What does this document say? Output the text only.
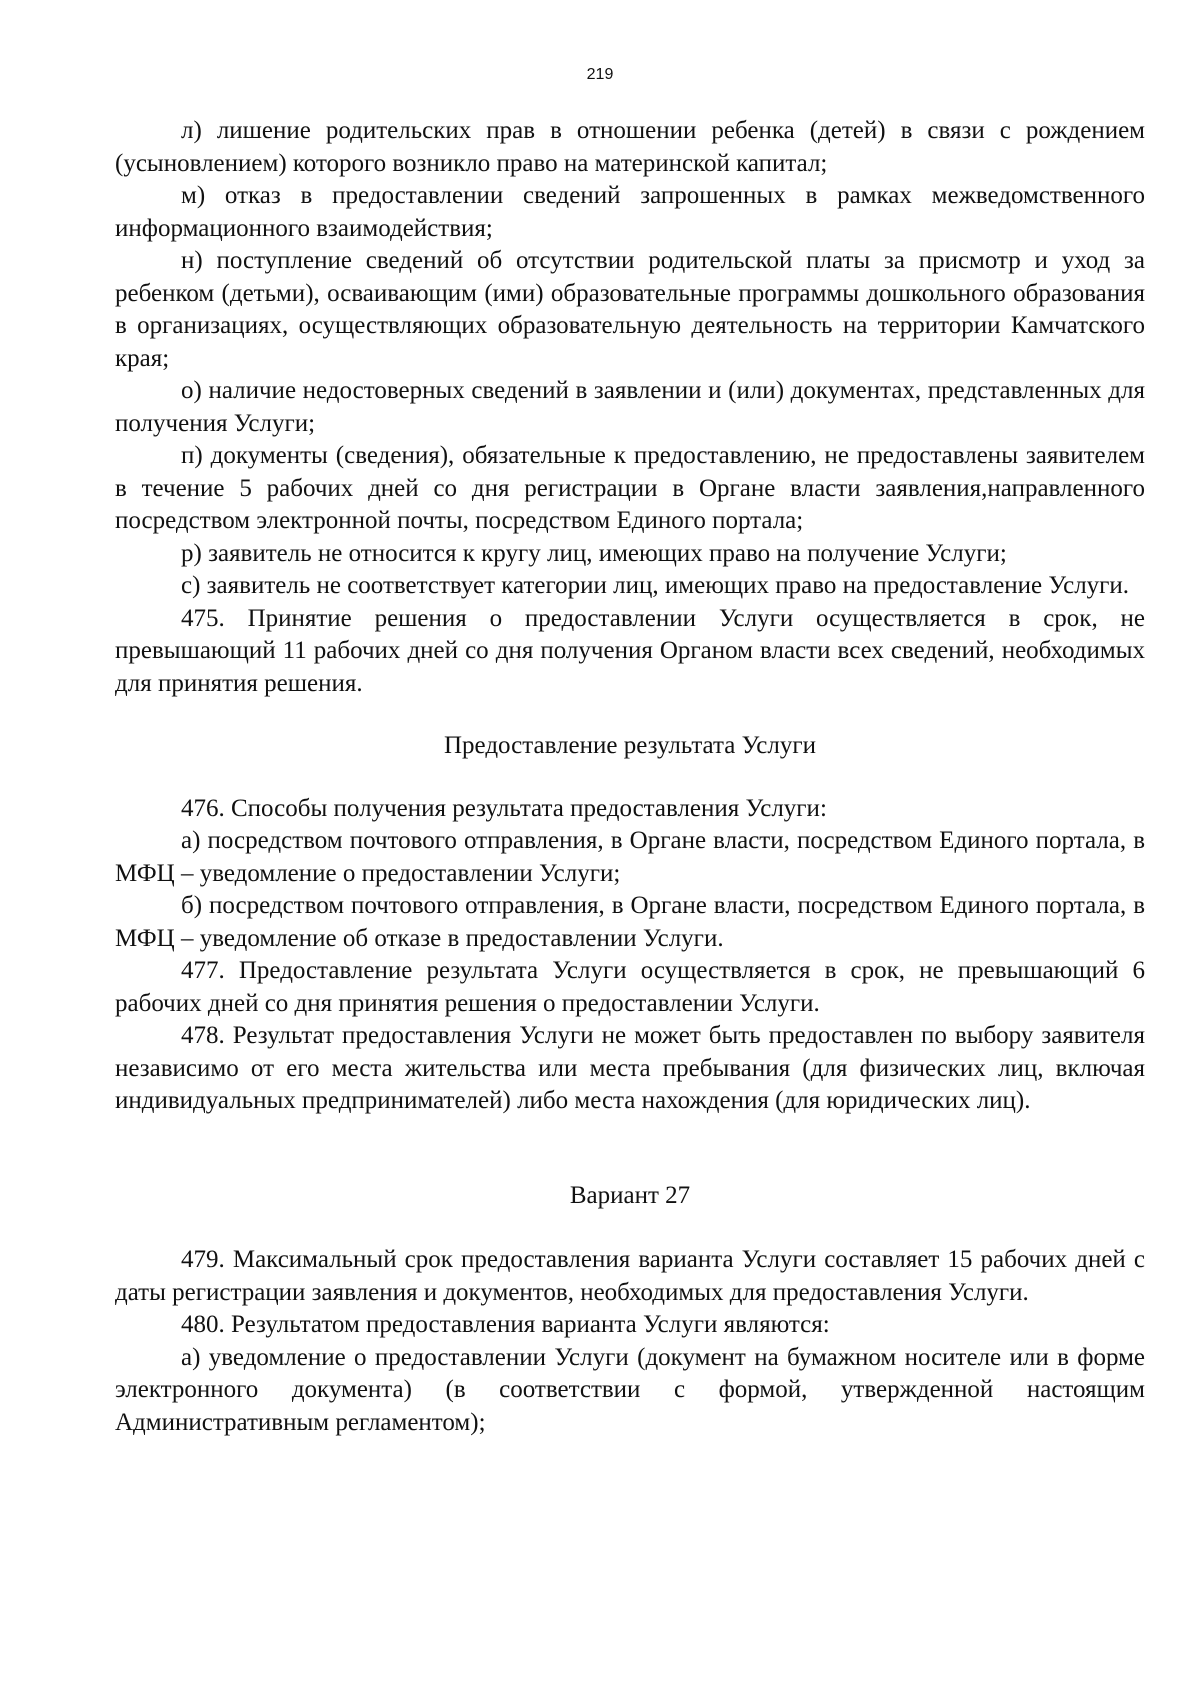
219

л) лишение родительских прав в отношении ребенка (детей) в связи с рождением (усыновлением) которого возникло право на материнской капитал;

м) отказ в предоставлении сведений запрошенных в рамках межведомственного информационного взаимодействия;

н) поступление сведений об отсутствии родительской платы за присмотр и уход за ребенком (детьми), осваивающим (ими) образовательные программы дошкольного образования в организациях, осуществляющих образовательную деятельность на территории Камчатского края;

о) наличие недостоверных сведений в заявлении и (или) документах, представленных для получения Услуги;

п) документы (сведения), обязательные к предоставлению, не предоставлены заявителем в течение 5 рабочих дней со дня регистрации в Органе власти заявления,направленного посредством электронной почты, посредством Единого портала;

р) заявитель не относится к кругу лиц, имеющих право на получение Услуги;

с) заявитель не соответствует категории лиц, имеющих право на предоставление Услуги.

475. Принятие решения о предоставлении Услуги осуществляется в срок, не превышающий 11 рабочих дней со дня получения Органом власти всех сведений, необходимых для принятия решения.

Предоставление результата Услуги

476. Способы получения результата предоставления Услуги:

а) посредством почтового отправления, в Органе власти, посредством Единого портала, в МФЦ – уведомление о предоставлении Услуги;

б) посредством почтового отправления, в Органе власти, посредством Единого портала, в МФЦ – уведомление об отказе в предоставлении Услуги.

477. Предоставление результата Услуги осуществляется в срок, не превышающий 6 рабочих дней со дня принятия решения о предоставлении Услуги.

478. Результат предоставления Услуги не может быть предоставлен по выбору заявителя независимо от его места жительства или места пребывания (для физических лиц, включая индивидуальных предпринимателей) либо места нахождения (для юридических лиц).

Вариант 27

479. Максимальный срок предоставления варианта Услуги составляет 15 рабочих дней с даты регистрации заявления и документов, необходимых для предоставления Услуги.

480. Результатом предоставления варианта Услуги являются:

а) уведомление о предоставлении Услуги (документ на бумажном носителе или в форме электронного документа) (в соответствии с формой, утвержденной настоящим Административным регламентом);
